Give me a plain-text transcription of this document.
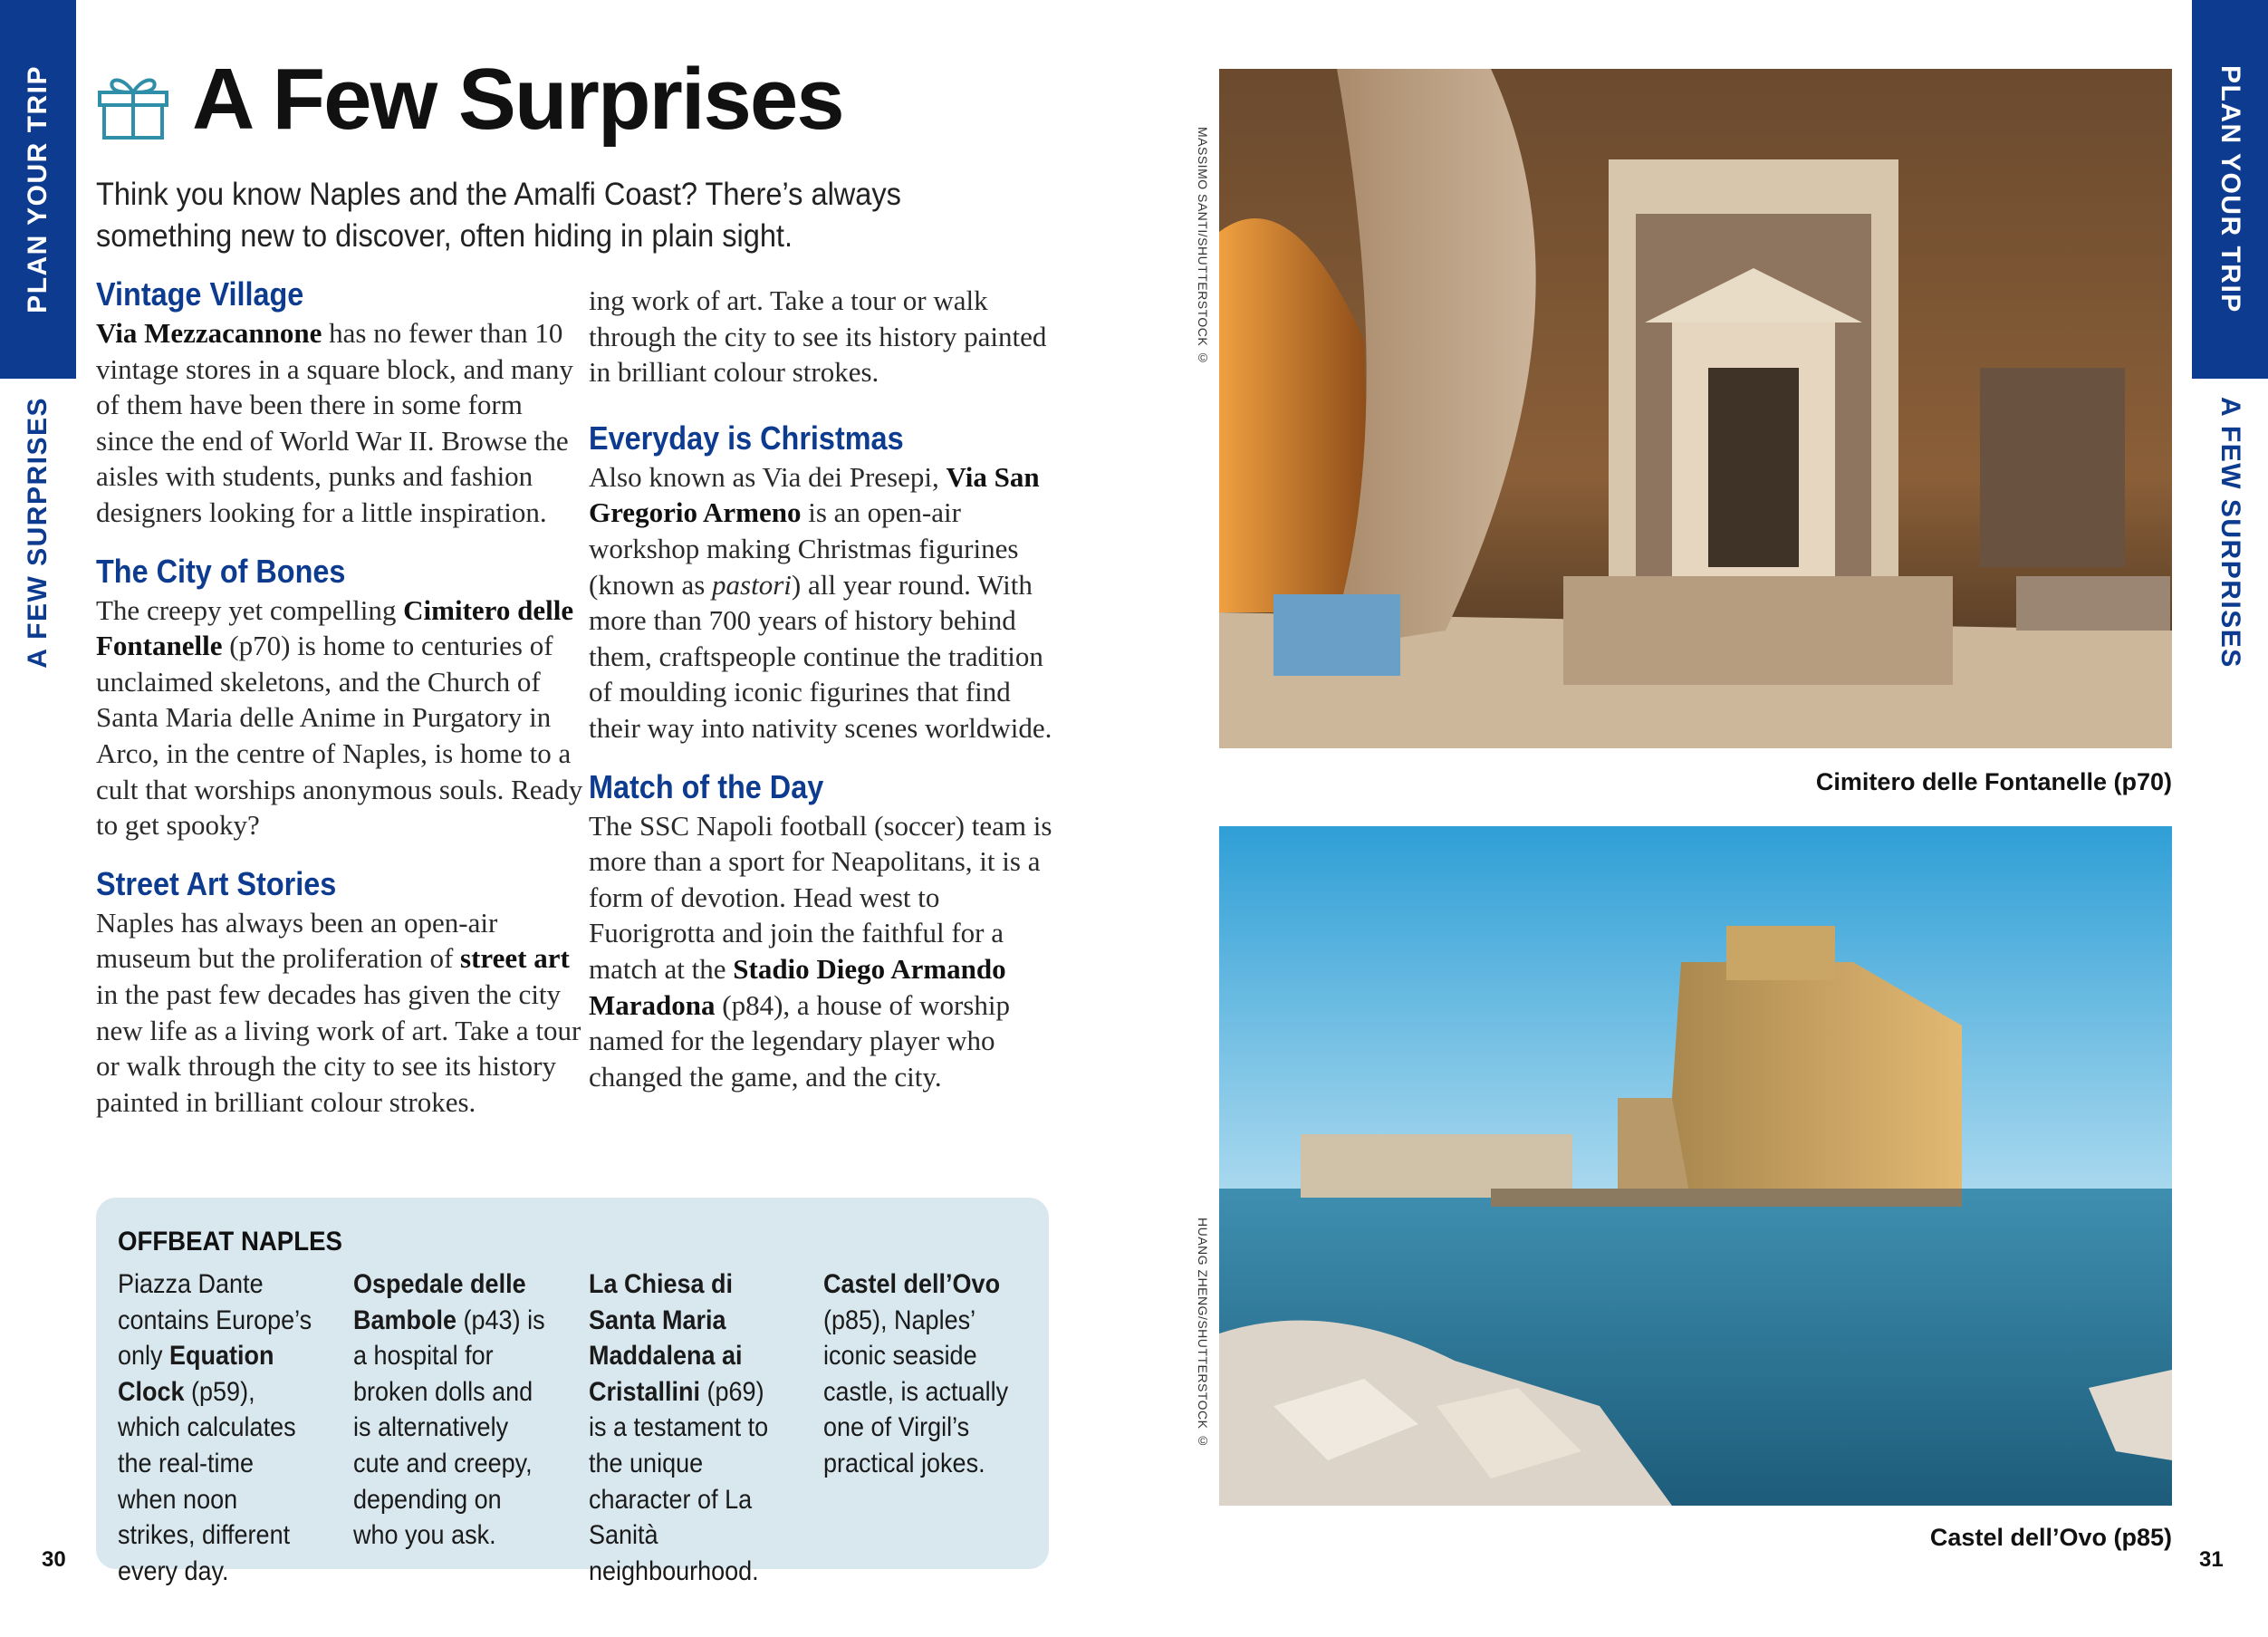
PLAN YOUR TRIP
A FEW SURPRISES
PLAN YOUR TRIP
A FEW SURPRISES
A Few Surprises
Think you know Naples and the Amalfi Coast? There’s always something new to discover, often hiding in plain sight.
Vintage Village

Via Mezzacannone has no fewer than 10 vintage stores in a square block, and many of them have been there in some form since the end of World War II. Browse the aisles with students, punks and fashion designers looking for a little inspiration.

The City of Bones

The creepy yet compelling Cimitero delle Fontanelle (p70) is home to centuries of unclaimed skeletons, and the Church of Santa Maria delle Anime in Purgatory in Arco, in the centre of Naples, is home to a cult that worships anonymous souls. Ready to get spooky?

Street Art Stories

Naples has always been an open-air museum but the proliferation of street art in the past few decades has given the city new life as a living work of art. Take a tour or walk through the city to see its history painted in brilliant colour strokes.

ing work of art. Take a tour or walk through the city to see its history painted in brilliant colour strokes.

Everyday is Christmas

Also known as Via dei Presepi, Via San Gregorio Armeno is an open-air workshop making Christmas figurines (known as pastori) all year round. With more than 700 years of history behind them, craftspeople continue the tradition of moulding iconic figurines that find their way into nativity scenes worldwide.

Match of the Day

The SSC Napoli football (soccer) team is more than a sport for Neapolitans, it is a form of devotion. Head west to Fuorigrotta and join the faithful for a match at the Stadio Diego Armando Maradona (p84), a house of worship named for the legendary player who changed the game, and the city.

OFFBEAT NAPLES
Piazza Dante contains Europe’s only Equation Clock (p59), which calculates the real-time when noon strikes, different every day.
Ospedale delle Bambole (p43) is a hospital for broken dolls and is alternatively cute and creepy, depending on who you ask.
La Chiesa di Santa Maria Maddalena ai Cristallini (p69) is a testament to the unique character of La Sanità neighbourhood.
Castel dell’Ovo (p85), Naples’ iconic seaside castle, is actually one of Virgil’s practical jokes.
MASSIMO SANTI/SHUTTERSTOCK ©
Cimitero delle Fontanelle (p70)
HUANG ZHENG/SHUTTERSTOCK ©
Castel dell’Ovo (p85)
30	31
